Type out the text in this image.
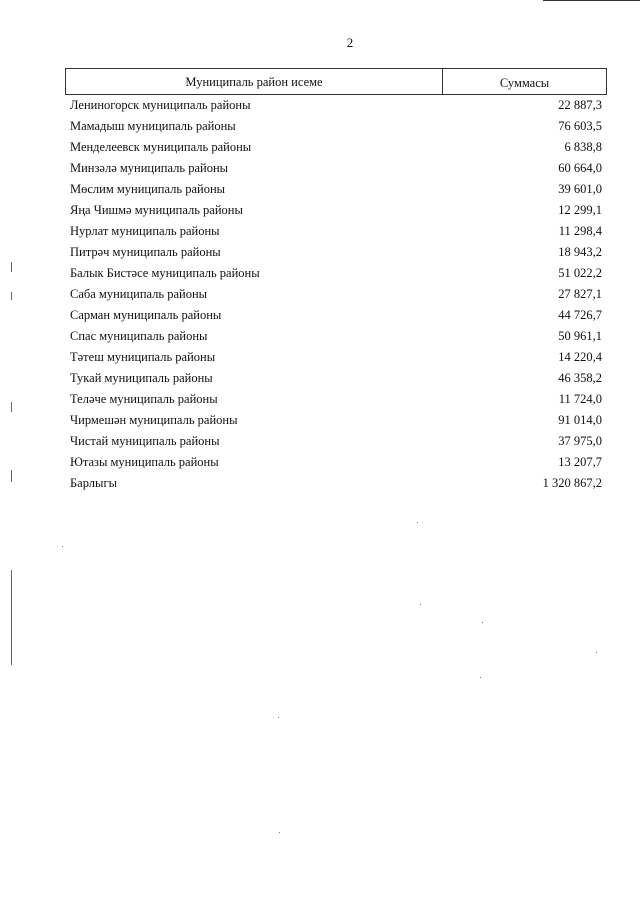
2
Муниципаль район исеме	Суммасы
Лениногорск муниципаль районы	22 887,3
Мамадыш муниципаль районы	76 603,5
Менделеевск муниципаль районы	6 838,8
Минзәлә муниципаль районы	60 664,0
Мөслим муниципаль районы	39 601,0
Яңа Чишмә муниципаль районы	12 299,1
Нурлат муниципаль районы	11 298,4
Питрәч муниципаль районы	18 943,2
Балык Бистәсе муниципаль районы	51 022,2
Саба муниципаль районы	27 827,1
Сарман муниципаль районы	44 726,7
Спас муниципаль районы	50 961,1
Тәтеш муниципаль районы	14 220,4
Тукай муниципаль районы	46 358,2
Теләче муниципаль районы	11 724,0
Чирмешән муниципаль районы	91 014,0
Чистай муниципаль районы	37 975,0
Ютазы муниципаль районы	13 207,7
Барлыгы	1 320 867,2
